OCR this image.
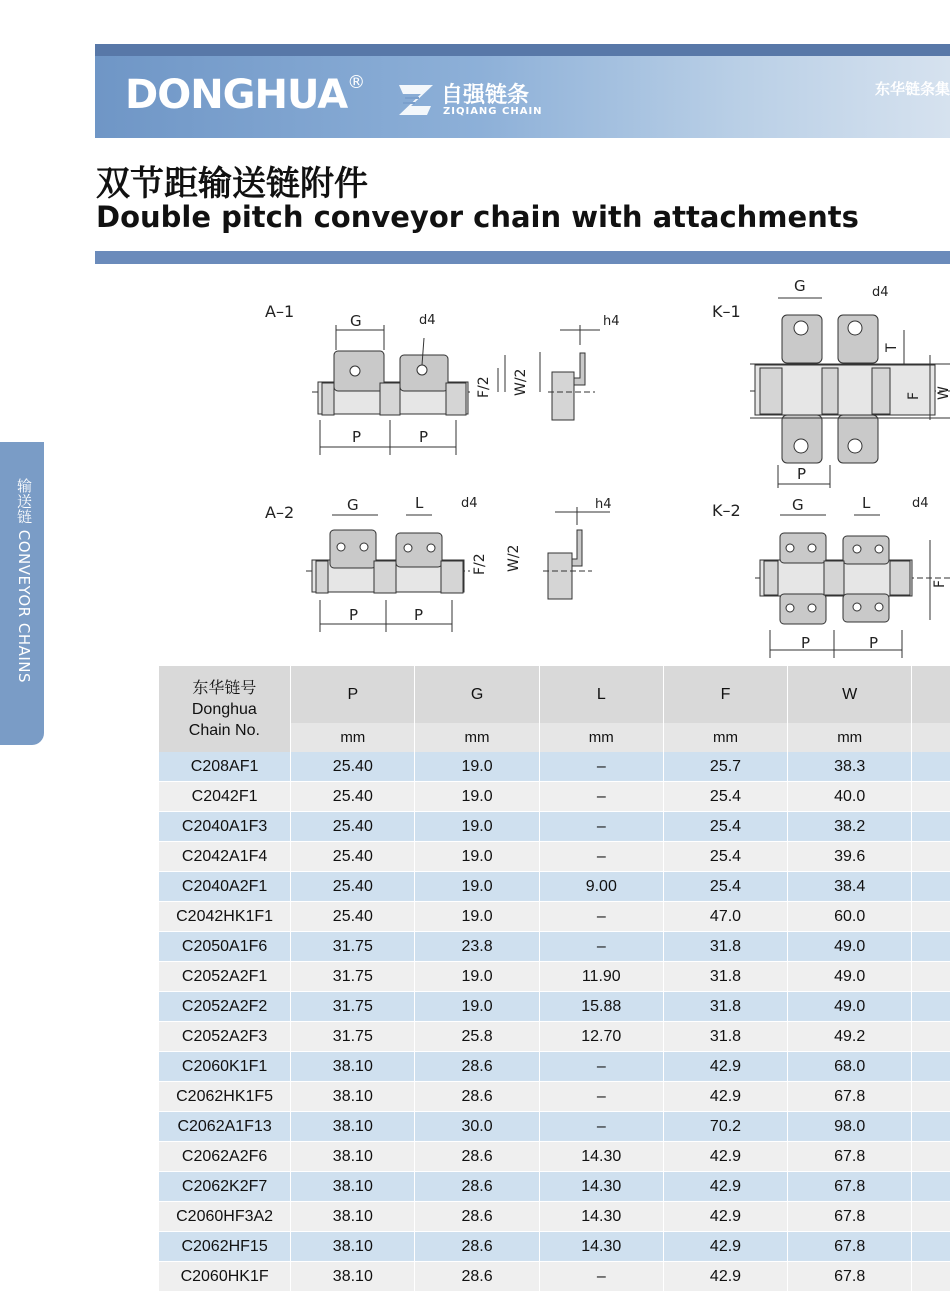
DONGHUA®
自强链条
ZIQIANG CHAIN
东华链条集
双节距输送链附件
Double pitch conveyor chain with attachments
输送链 CONVEYOR CHAINS
A–1	G	d4	h4
F/2 W/2
P	P
A–2	G	L	d4	h4
F/2 W/2
P	P
K–1
G	d4
T
F W
P
K–2	G	L	d4
F
P	P
东华链号
Donghua
Chain No.	P	G	L	F	W	
	mm	mm	mm	mm	mm	
C208AF1	25.40	19.0	–	25.7	38.3	
C2042F1	25.40	19.0	–	25.4	40.0	
C2040A1F3	25.40	19.0	–	25.4	38.2	
C2042A1F4	25.40	19.0	–	25.4	39.6	
C2040A2F1	25.40	19.0	9.00	25.4	38.4	
C2042HK1F1	25.40	19.0	–	47.0	60.0	
C2050A1F6	31.75	23.8	–	31.8	49.0	
C2052A2F1	31.75	19.0	11.90	31.8	49.0	
C2052A2F2	31.75	19.0	15.88	31.8	49.0	
C2052A2F3	31.75	25.8	12.70	31.8	49.2	
C2060K1F1	38.10	28.6	–	42.9	68.0	
C2062HK1F5	38.10	28.6	–	42.9	67.8	
C2062A1F13	38.10	30.0	–	70.2	98.0	
C2062A2F6	38.10	28.6	14.30	42.9	67.8	
C2062K2F7	38.10	28.6	14.30	42.9	67.8	
C2060HF3A2	38.10	28.6	14.30	42.9	67.8	
C2062HF15	38.10	28.6	14.30	42.9	67.8	
C2060HK1F	38.10	28.6	–	42.9	67.8	
